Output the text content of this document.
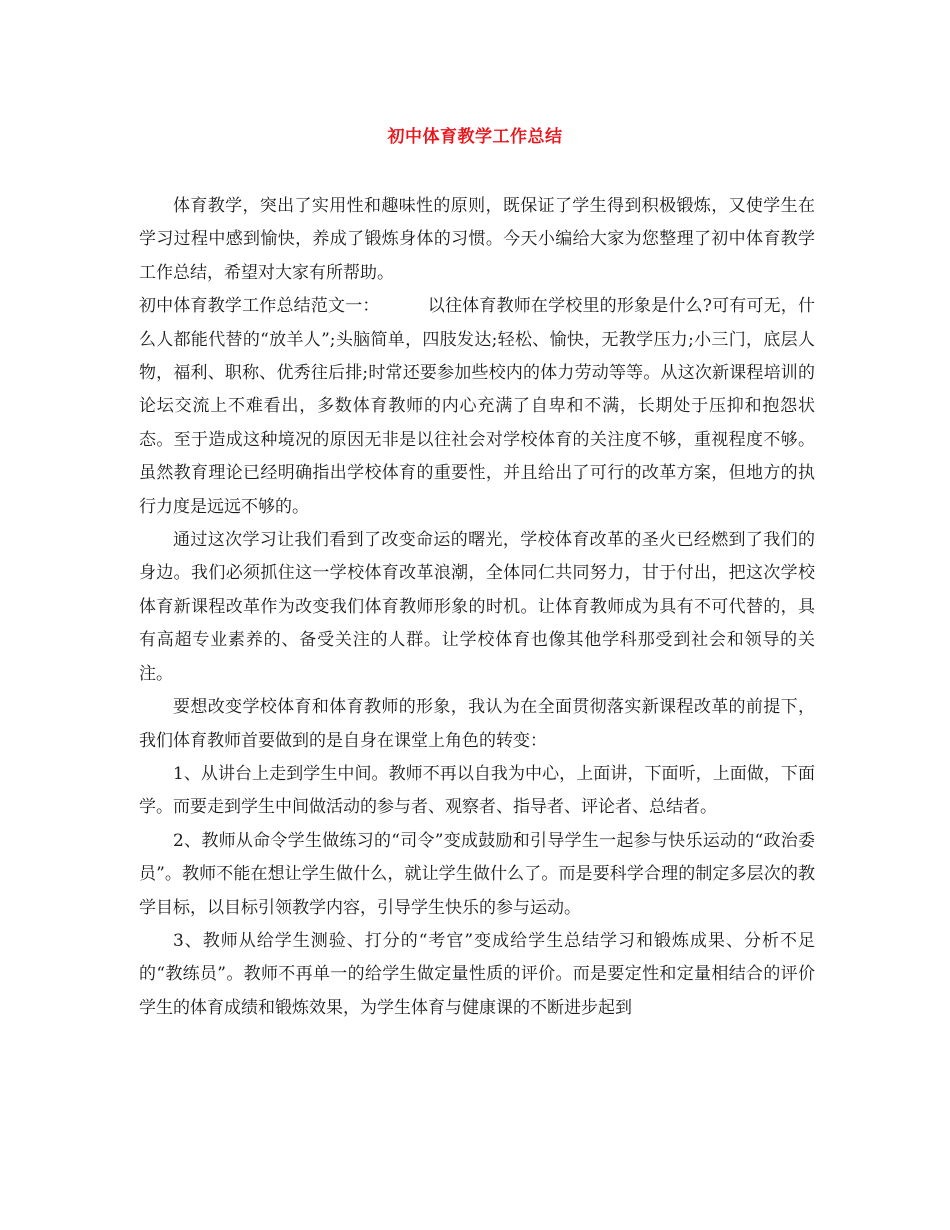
初中体育教学工作总结

体育教学，突出了实用性和趣味性的原则，既保证了学生得到积极锻炼，又使学生在学习过程中感到愉快，养成了锻炼身体的习惯。今天小编给大家为您整理了初中体育教学工作总结，希望对大家有所帮助。

初中体育教学工作总结范文一：	以往体育教师在学校里的形象是什么?可有可无，什么人都能代替的“放羊人”;头脑简单，四肢发达;轻松、愉快，无教学压力;小三门，底层人物，福利、职称、优秀往后排;时常还要参加些校内的体力劳动等等。从这次新课程培训的论坛交流上不难看出，多数体育教师的内心充满了自卑和不满，长期处于压抑和抱怨状态。至于造成这种境况的原因无非是以往社会对学校体育的关注度不够，重视程度不够。虽然教育理论已经明确指出学校体育的重要性，并且给出了可行的改革方案，但地方的执行力度是远远不够的。

通过这次学习让我们看到了改变命运的曙光，学校体育改革的圣火已经燃到了我们的身边。我们必须抓住这一学校体育改革浪潮，全体同仁共同努力，甘于付出，把这次学校体育新课程改革作为改变我们体育教师形象的时机。让体育教师成为具有不可代替的，具有高超专业素养的、备受关注的人群。让学校体育也像其他学科那受到社会和领导的关注。

要想改变学校体育和体育教师的形象，我认为在全面贯彻落实新课程改革的前提下，我们体育教师首要做到的是自身在课堂上角色的转变：

1、从讲台上走到学生中间。教师不再以自我为中心，上面讲，下面听，上面做，下面学。而要走到学生中间做活动的参与者、观察者、指导者、评论者、总结者。

2、教师从命令学生做练习的“司令”变成鼓励和引导学生一起参与快乐运动的“政治委员”。教师不能在想让学生做什么，就让学生做什么了。而是要科学合理的制定多层次的教学目标，以目标引领教学内容，引导学生快乐的参与运动。

3、教师从给学生测验、打分的“考官”变成给学生总结学习和锻炼成果、分析不足的“教练员”。教师不再单一的给学生做定量性质的评价。而是要定性和定量相结合的评价学生的体育成绩和锻炼效果，为学生体育与健康课的不断进步起到
